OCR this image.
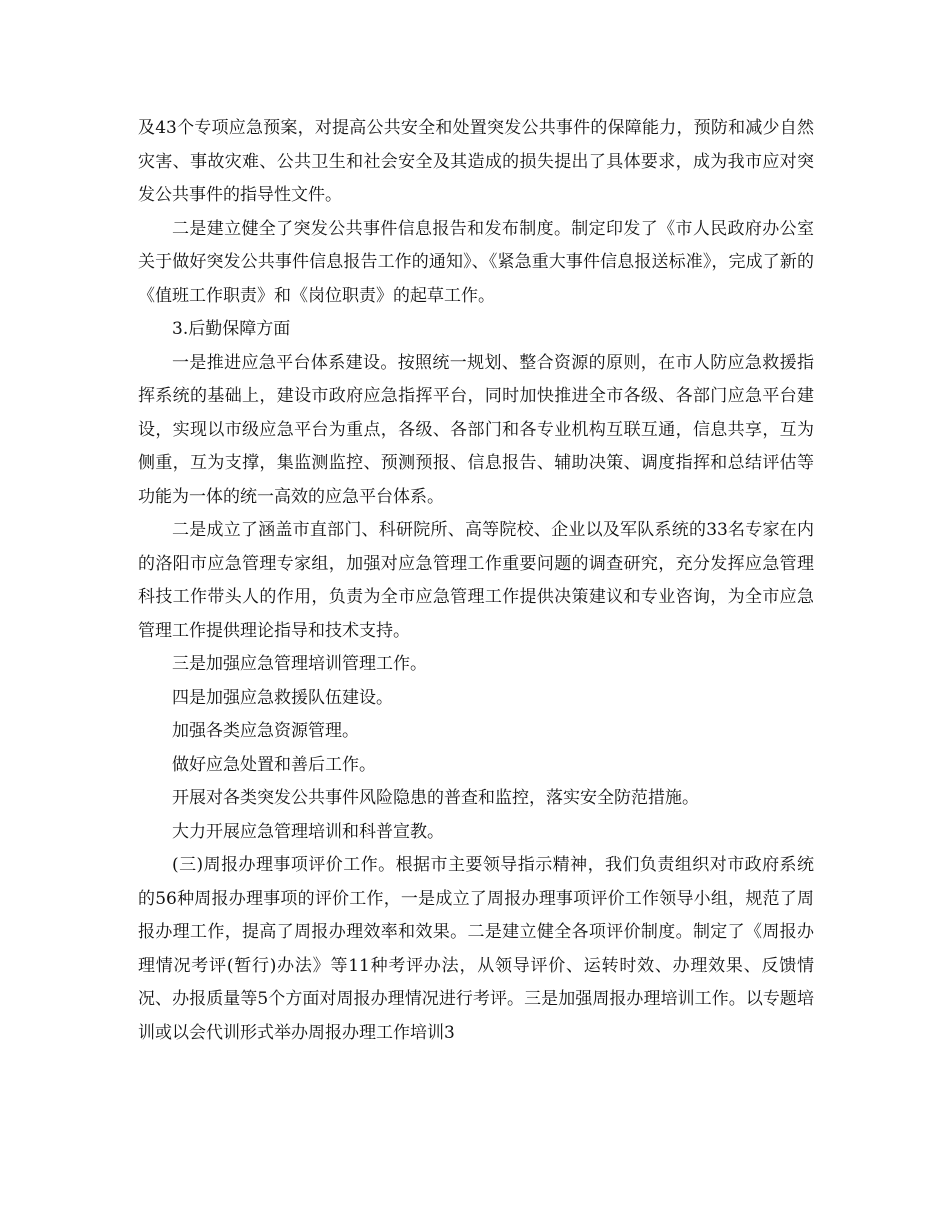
及43个专项应急预案，对提高公共安全和处置突发公共事件的保障能力，预防和减少自然灾害、事故灾难、公共卫生和社会安全及其造成的损失提出了具体要求，成为我市应对突发公共事件的指导性文件。

二是建立健全了突发公共事件信息报告和发布制度。制定印发了《市人民政府办公室关于做好突发公共事件信息报告工作的通知》、《紧急重大事件信息报送标准》，完成了新的《值班工作职责》和《岗位职责》的起草工作。

3.后勤保障方面

一是推进应急平台体系建设。按照统一规划、整合资源的原则，在市人防应急救援指挥系统的基础上，建设市政府应急指挥平台，同时加快推进全市各级、各部门应急平台建设，实现以市级应急平台为重点，各级、各部门和各专业机构互联互通，信息共享，互为侧重，互为支撑，集监测监控、预测预报、信息报告、辅助决策、调度指挥和总结评估等功能为一体的统一高效的应急平台体系。

二是成立了涵盖市直部门、科研院所、高等院校、企业以及军队系统的33名专家在内的洛阳市应急管理专家组，加强对应急管理工作重要问题的调查研究，充分发挥应急管理科技工作带头人的作用，负责为全市应急管理工作提供决策建议和专业咨询，为全市应急管理工作提供理论指导和技术支持。

三是加强应急管理培训管理工作。

四是加强应急救援队伍建设。

加强各类应急资源管理。

做好应急处置和善后工作。

开展对各类突发公共事件风险隐患的普查和监控，落实安全防范措施。

大力开展应急管理培训和科普宣教。

(三)周报办理事项评价工作。根据市主要领导指示精神，我们负责组织对市政府系统的56种周报办理事项的评价工作，一是成立了周报办理事项评价工作领导小组，规范了周报办理工作，提高了周报办理效率和效果。二是建立健全各项评价制度。制定了《周报办理情况考评(暂行)办法》等11种考评办法，从领导评价、运转时效、办理效果、反馈情况、办报质量等5个方面对周报办理情况进行考评。三是加强周报办理培训工作。以专题培训或以会代训形式举办周报办理工作培训3
